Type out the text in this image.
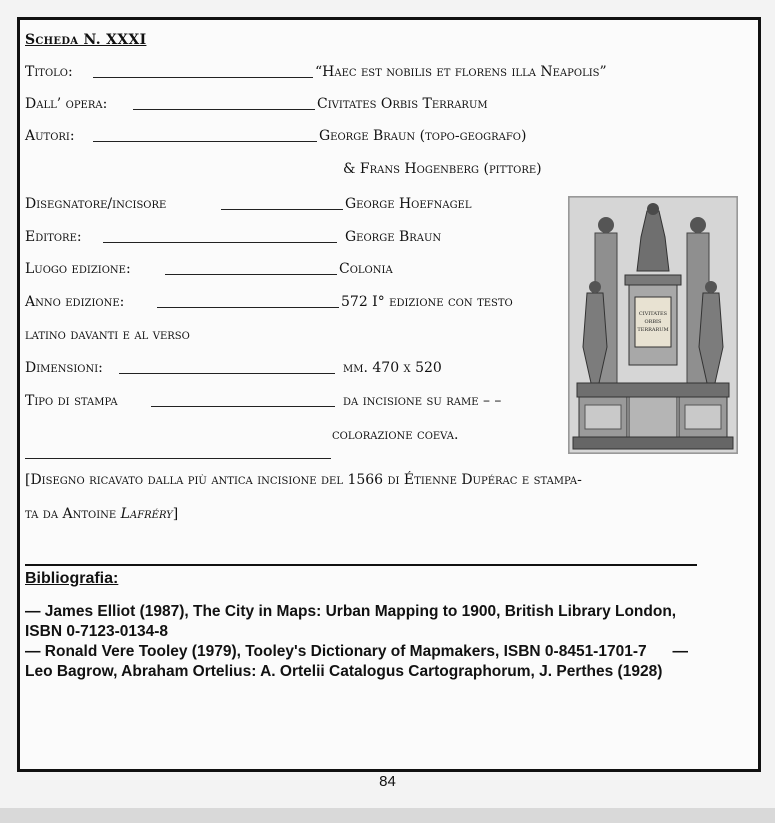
Scheda N. XXXI
Titolo:	“Haec est nobilis et florens illa Neapolis”
Dall’ opera:	Civitates Orbis Terrarum
Autori:	George Braun (topo-geografo)
& Frans Hogenberg (pittore)
Disegnatore/incisore	George Hoefnagel
Editore:	George Braun
Luogo edizione:	Colonia
Anno edizione:	572 I° edizione con testo
latino davanti e al verso
Dimensioni:	mm. 470 x 520
Tipo di stampa	da incisione su rame – –
colorazione coeva.
CIVITATES
ORBIS
TERRARUM
[Disegno ricavato dalla più antica incisione del 1566 di Étienne Dupérac e stampa-
ta da Antoine Lafréry]
Bibliografia:
— James Elliot (1987), The City in Maps: Urban Mapping to 1900, British Library London,
ISBN 0-7123-0134-8
— Ronald Vere Tooley (1979), Tooley's Dictionary of Mapmakers, ISBN 0-8451-1701-7      —
Leo Bagrow, Abraham Ortelius: A. Ortelii Catalogus Cartographorum, J. Perthes (1928)
84
